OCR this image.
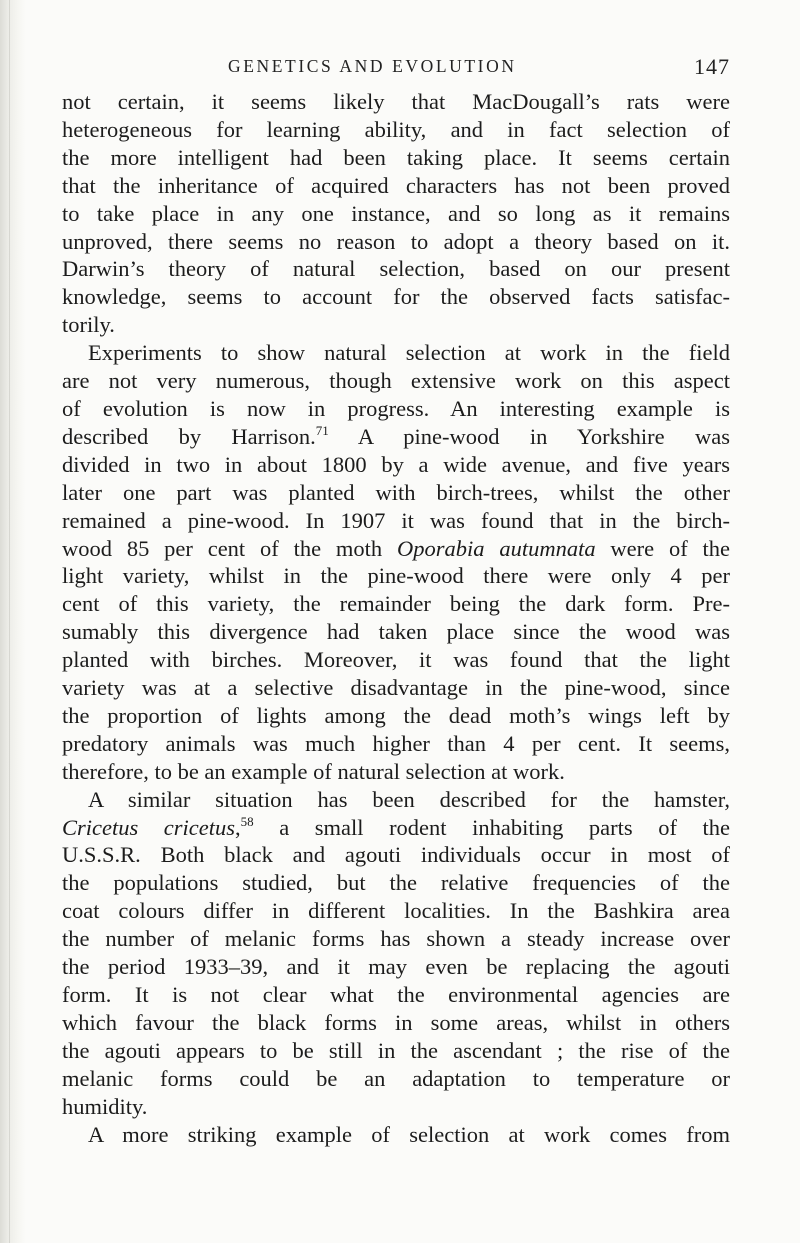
GENETICS AND EVOLUTION	147

not certain, it seems likely that MacDougall’s rats were
heterogeneous for learning ability, and in fact selection of
the more intelligent had been taking place. It seems certain
that the inheritance of acquired characters has not been proved
to take place in any one instance, and so long as it remains
unproved, there seems no reason to adopt a theory based on it.
Darwin’s theory of natural selection, based on our present
knowledge, seems to account for the observed facts satisfac-
torily.

Experiments to show natural selection at work in the field
are not very numerous, though extensive work on this aspect
of evolution is now in progress. An interesting example is
described by Harrison.$^{71}$ A pine-wood in Yorkshire was
divided in two in about 1800 by a wide avenue, and five years
later one part was planted with birch-trees, whilst the other
remained a pine-wood. In 1907 it was found that in the birch-
wood 85 per cent of the moth Oporabia autumnata were of the
light variety, whilst in the pine-wood there were only 4 per
cent of this variety, the remainder being the dark form. Pre-
sumably this divergence had taken place since the wood was
planted with birches. Moreover, it was found that the light
variety was at a selective disadvantage in the pine-wood, since
the proportion of lights among the dead moth’s wings left by
predatory animals was much higher than 4 per cent. It seems,
therefore, to be an example of natural selection at work.

A similar situation has been described for the hamster,
Cricetus cricetus,$^{58}$ a small rodent inhabiting parts of the
U.S.S.R. Both black and agouti individuals occur in most of
the populations studied, but the relative frequencies of the
coat colours differ in different localities. In the Bashkira area
the number of melanic forms has shown a steady increase over
the period 1933–39, and it may even be replacing the agouti
form. It is not clear what the environmental agencies are
which favour the black forms in some areas, whilst in others
the agouti appears to be still in the ascendant ; the rise of the
melanic forms could be an adaptation to temperature or
humidity.

A more striking example of selection at work comes from
